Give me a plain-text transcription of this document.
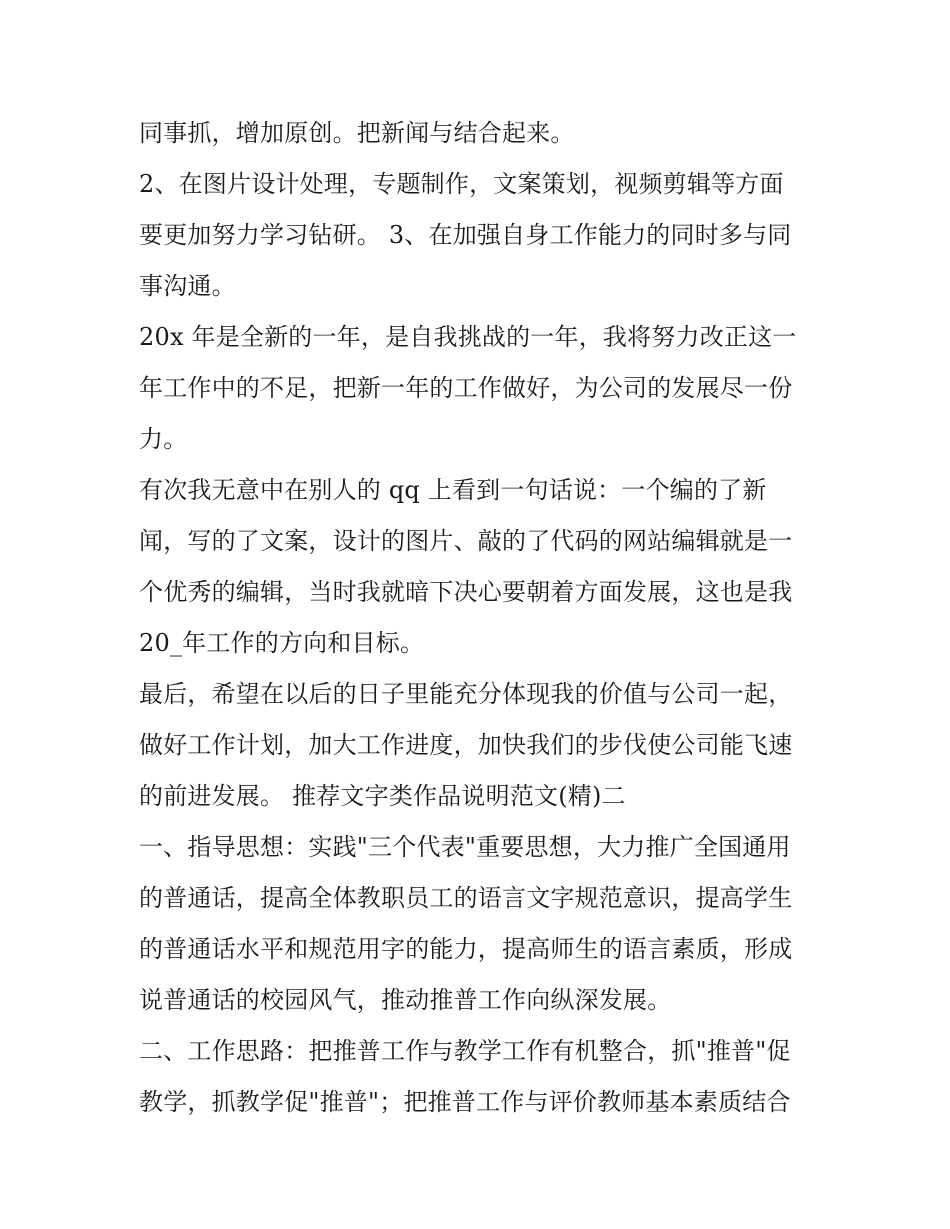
同事抓，增加原创。把新闻与结合起来。
2、在图片设计处理，专题制作，文案策划，视频剪辑等方面
要更加努力学习钻研。 3、在加强自身工作能力的同时多与同
事沟通。
20x 年是全新的一年，是自我挑战的一年，我将努力改正这一
年工作中的不足，把新一年的工作做好，为公司的发展尽一份
力。
有次我无意中在别人的 qq 上看到一句话说：一个编的了新
闻，写的了文案，设计的图片、敲的了代码的网站编辑就是一
个优秀的编辑，当时我就暗下决心要朝着方面发展，这也是我
20_年工作的方向和目标。
最后，希望在以后的日子里能充分体现我的价值与公司一起，
做好工作计划，加大工作进度，加快我们的步伐使公司能飞速
的前进发展。 推荐文字类作品说明范文(精)二
一、指导思想：实践"三个代表"重要思想，大力推广全国通用
的普通话，提高全体教职员工的语言文字规范意识，提高学生
的普通话水平和规范用字的能力，提高师生的语言素质，形成
说普通话的校园风气，推动推普工作向纵深发展。
二、工作思路：把推普工作与教学工作有机整合，抓"推普"促
教学，抓教学促"推普"；把推普工作与评价教师基本素质结合
